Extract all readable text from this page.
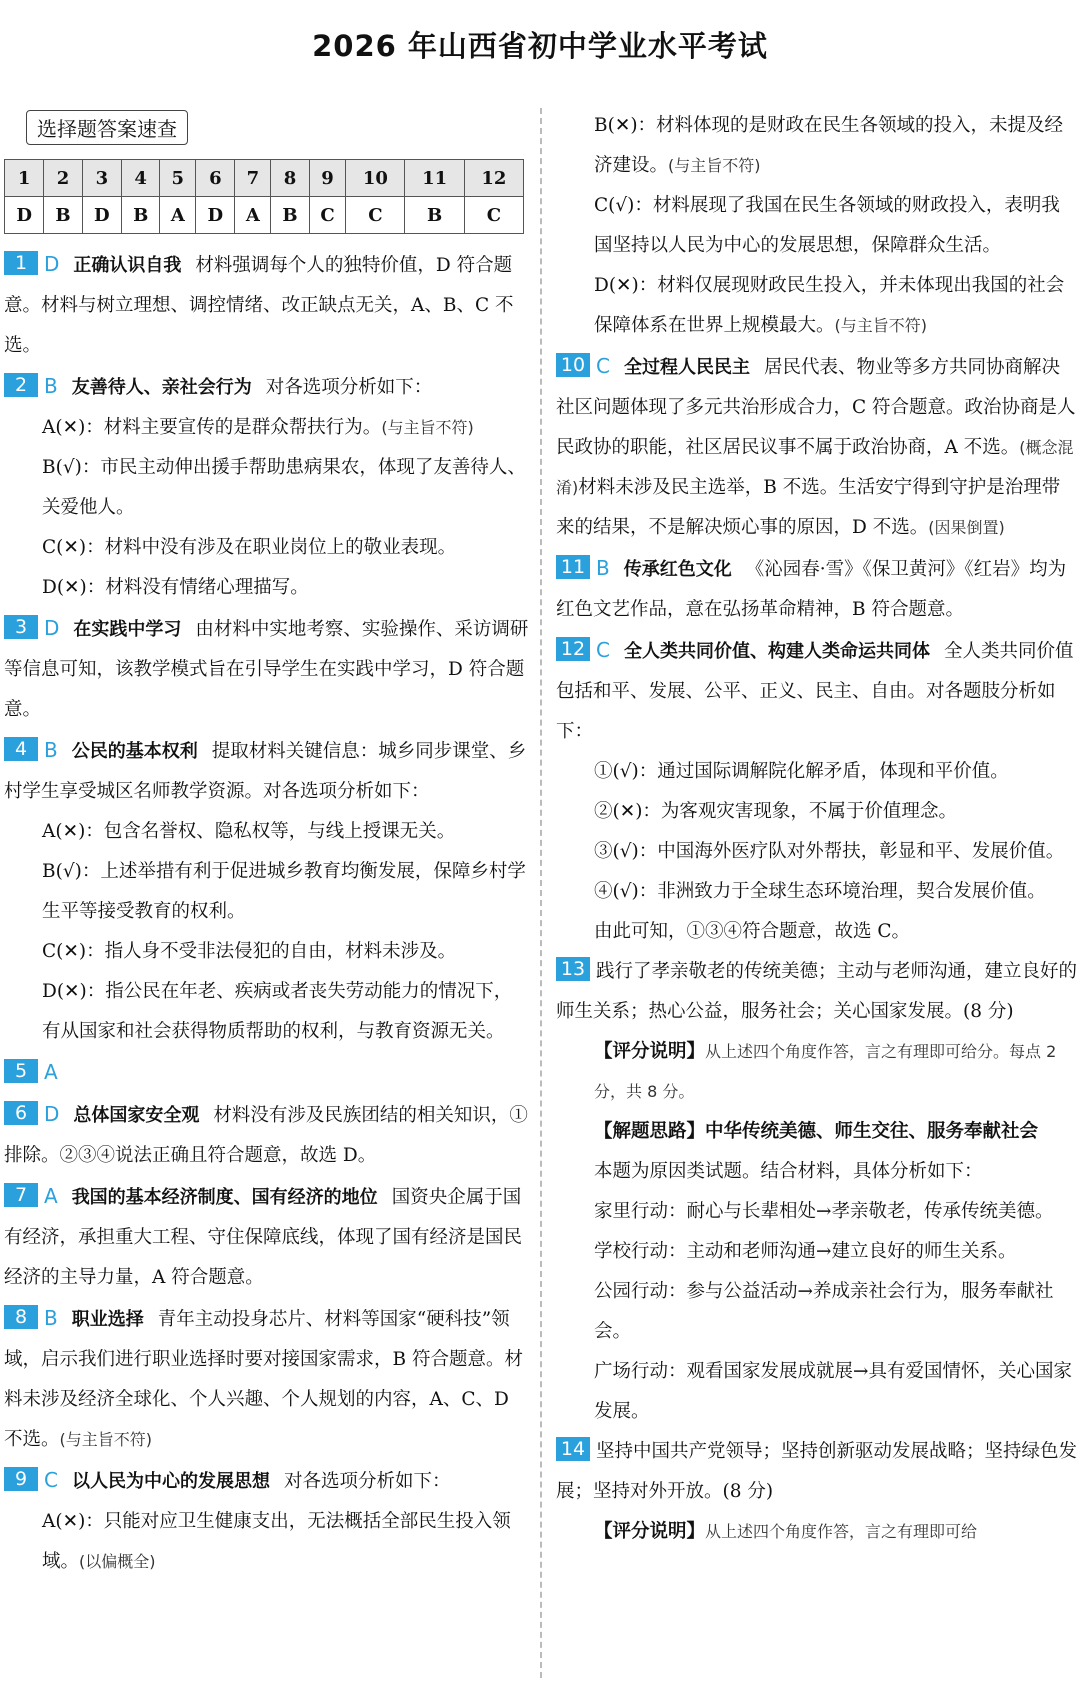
2026 年山西省初中学业水平考试
选择题答案速查
1	2	3	4	5	6	7	8	9	10	11	12
D	B	D	B	A	D	A	B	C	C	B	C

1 D 正确认识自我 材料强调每个人的独特价值，D 符合题意。材料与树立理想、调控情绪、改正缺点无关，A、B、C 不选。

2 B 友善待人、亲社会行为 对各选项分析如下：

A(✕)：材料主要宣传的是群众帮扶行为。(与主旨不符)

B(√)：市民主动伸出援手帮助患病果农，体现了友善待人、关爱他人。

C(✕)：材料中没有涉及在职业岗位上的敬业表现。

D(✕)：材料没有情绪心理描写。

3 D 在实践中学习 由材料中实地考察、实验操作、采访调研等信息可知，该教学模式旨在引导学生在实践中学习，D 符合题意。

4 B 公民的基本权利 提取材料关键信息：城乡同步课堂、乡村学生享受城区名师教学资源。对各选项分析如下：

A(✕)：包含名誉权、隐私权等，与线上授课无关。

B(√)：上述举措有利于促进城乡教育均衡发展，保障乡村学生平等接受教育的权利。

C(✕)：指人身不受非法侵犯的自由，材料未涉及。

D(✕)：指公民在年老、疾病或者丧失劳动能力的情况下，有从国家和社会获得物质帮助的权利，与教育资源无关。

5 A

6 D 总体国家安全观 材料没有涉及民族团结的相关知识，①排除。②③④说法正确且符合题意，故选 D。

7 A 我国的基本经济制度、国有经济的地位 国资央企属于国有经济，承担重大工程、守住保障底线，体现了国有经济是国民经济的主导力量，A 符合题意。

8 B 职业选择 青年主动投身芯片、材料等国家“硬科技”领域，启示我们进行职业选择时要对接国家需求，B 符合题意。材料未涉及经济全球化、个人兴趣、个人规划的内容，A、C、D 不选。(与主旨不符)

9 C 以人民为中心的发展思想 对各选项分析如下：

A(✕)：只能对应卫生健康支出，无法概括全部民生投入领域。(以偏概全)

B(✕)：材料体现的是财政在民生各领域的投入，未提及经济建设。(与主旨不符)

C(√)：材料展现了我国在民生各领域的财政投入，表明我国坚持以人民为中心的发展思想，保障群众生活。

D(✕)：材料仅展现财政民生投入，并未体现出我国的社会保障体系在世界上规模最大。(与主旨不符)

10 C 全过程人民民主 居民代表、物业等多方共同协商解决社区问题体现了多元共治形成合力，C 符合题意。政治协商是人民政协的职能，社区居民议事不属于政治协商，A 不选。(概念混淆)材料未涉及民主选举，B 不选。生活安宁得到守护是治理带来的结果，不是解决烦心事的原因，D 不选。(因果倒置)

11 B 传承红色文化 《沁园春·雪》《保卫黄河》《红岩》均为红色文艺作品，意在弘扬革命精神，B 符合题意。

12 C 全人类共同价值、构建人类命运共同体 全人类共同价值包括和平、发展、公平、正义、民主、自由。对各题肢分析如下：

①(√)：通过国际调解院化解矛盾，体现和平价值。

②(✕)：为客观灾害现象，不属于价值理念。

③(√)：中国海外医疗队对外帮扶，彰显和平、发展价值。

④(√)：非洲致力于全球生态环境治理，契合发展价值。

由此可知，①③④符合题意，故选 C。

13 践行了孝亲敬老的传统美德；主动与老师沟通，建立良好的师生关系；热心公益，服务社会；关心国家发展。(8 分)

【评分说明】从上述四个角度作答，言之有理即可给分。每点 2 分，共 8 分。

【解题思路】中华传统美德、师生交往、服务奉献社会

本题为原因类试题。结合材料，具体分析如下：

家里行动：耐心与长辈相处→孝亲敬老，传承传统美德。

学校行动：主动和老师沟通→建立良好的师生关系。

公园行动：参与公益活动→养成亲社会行为，服务奉献社会。

广场行动：观看国家发展成就展→具有爱国情怀，关心国家发展。

14 坚持中国共产党领导；坚持创新驱动发展战略；坚持绿色发展；坚持对外开放。(8 分)

【评分说明】从上述四个角度作答，言之有理即可给
